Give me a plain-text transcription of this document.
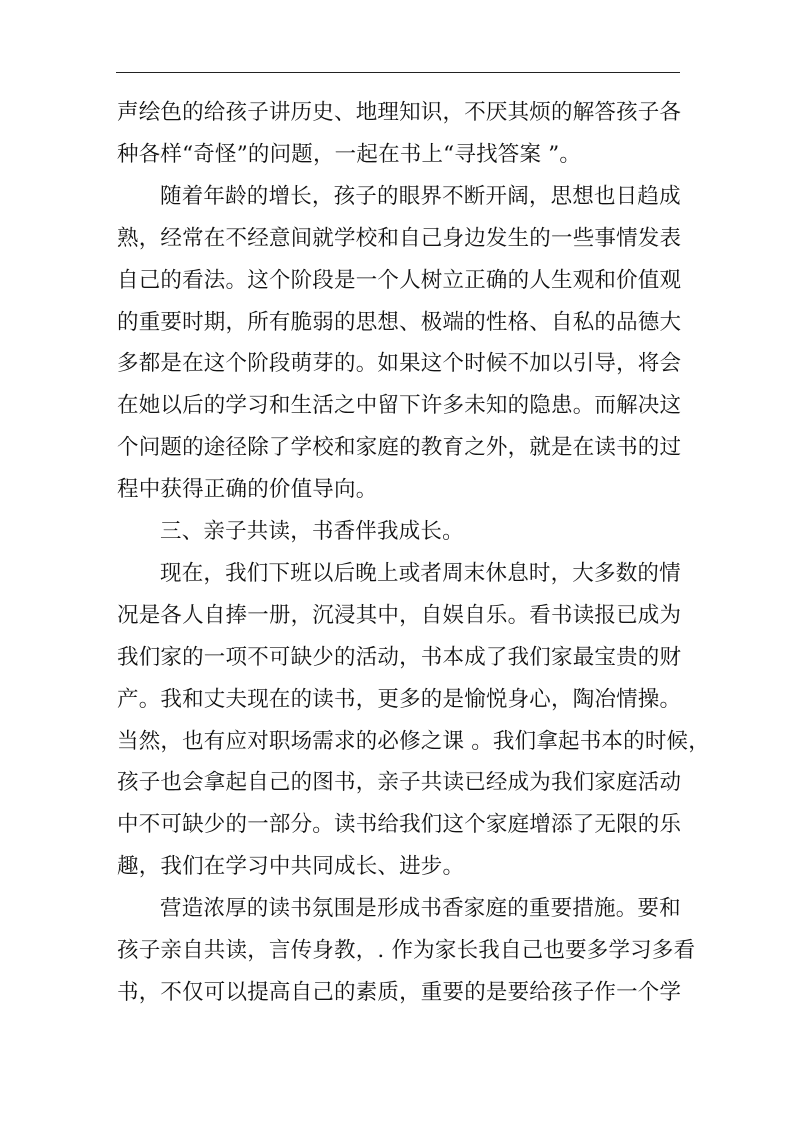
声绘色的给孩子讲历史、地理知识，不厌其烦的解答孩子各
种各样“奇怪”的问题，一起在书上“寻找答案 ”。
随着年龄的增长，孩子的眼界不断开阔，思想也日趋成
熟，经常在不经意间就学校和自己身边发生的一些事情发表
自己的看法。这个阶段是一个人树立正确的人生观和价值观
的重要时期，所有脆弱的思想、极端的性格、自私的品德大
多都是在这个阶段萌芽的。如果这个时候不加以引导，将会
在她以后的学习和生活之中留下许多未知的隐患。而解决这
个问题的途径除了学校和家庭的教育之外，就是在读书的过
程中获得正确的价值导向。
三、亲子共读，书香伴我成长。
现在，我们下班以后晚上或者周末休息时，大多数的情
况是各人自捧一册，沉浸其中，自娱自乐。看书读报已成为
我们家的一项不可缺少的活动，书本成了我们家最宝贵的财
产。我和丈夫现在的读书，更多的是愉悦身心，陶冶情操。
当然，也有应对职场需求的必修之课 。我们拿起书本的时候，
孩子也会拿起自己的图书，亲子共读已经成为我们家庭活动
中不可缺少的一部分。读书给我们这个家庭增添了无限的乐
趣，我们在学习中共同成长、进步。
营造浓厚的读书氛围是形成书香家庭的重要措施。要和
孩子亲自共读，言传身教，. 作为家长我自己也要多学习多看
书，不仅可以提高自己的素质，重要的是要给孩子作一个学
